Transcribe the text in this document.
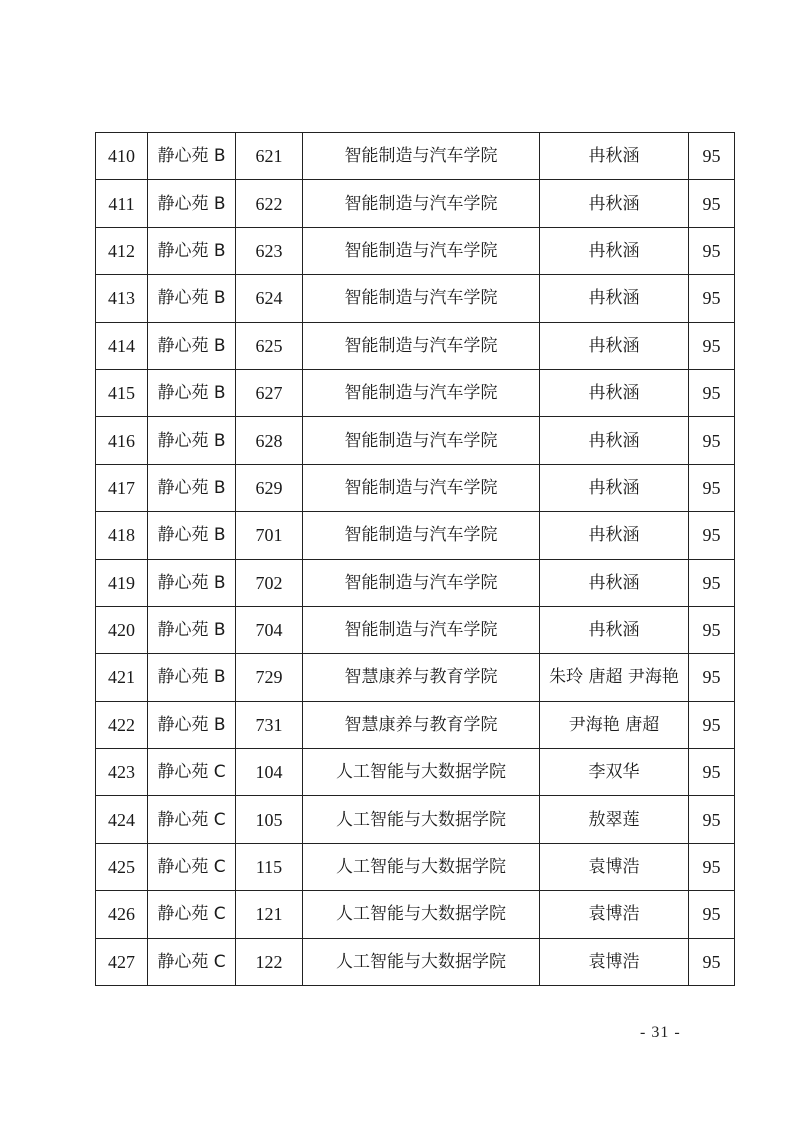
410	静心苑 B	621	智能制造与汽车学院	冉秋涵	95
411	静心苑 B	622	智能制造与汽车学院	冉秋涵	95
412	静心苑 B	623	智能制造与汽车学院	冉秋涵	95
413	静心苑 B	624	智能制造与汽车学院	冉秋涵	95
414	静心苑 B	625	智能制造与汽车学院	冉秋涵	95
415	静心苑 B	627	智能制造与汽车学院	冉秋涵	95
416	静心苑 B	628	智能制造与汽车学院	冉秋涵	95
417	静心苑 B	629	智能制造与汽车学院	冉秋涵	95
418	静心苑 B	701	智能制造与汽车学院	冉秋涵	95
419	静心苑 B	702	智能制造与汽车学院	冉秋涵	95
420	静心苑 B	704	智能制造与汽车学院	冉秋涵	95
421	静心苑 B	729	智慧康养与教育学院	朱玲 唐超 尹海艳	95
422	静心苑 B	731	智慧康养与教育学院	尹海艳 唐超	95
423	静心苑 C	104	人工智能与大数据学院	李双华	95
424	静心苑 C	105	人工智能与大数据学院	敖翠莲	95
425	静心苑 C	115	人工智能与大数据学院	袁博浩	95
426	静心苑 C	121	人工智能与大数据学院	袁博浩	95
427	静心苑 C	122	人工智能与大数据学院	袁博浩	95
- 31 -
